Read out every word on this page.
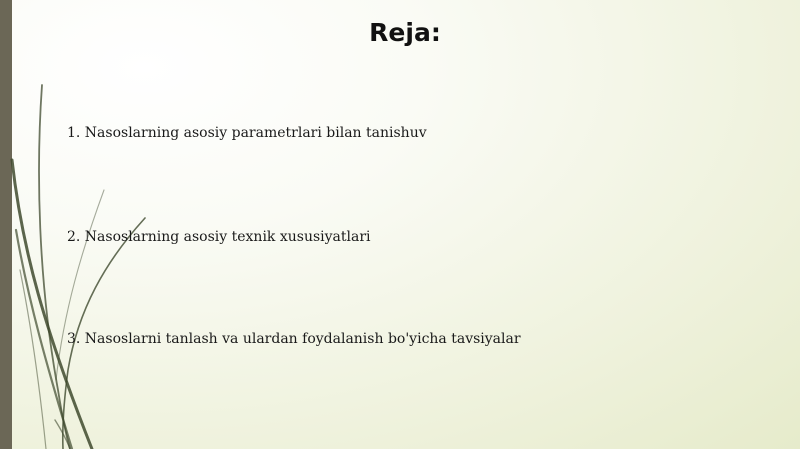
Reja:
1. Nasoslarning asosiy parametrlari bilan tanishuv
2. Nasoslarning asosiy texnik xususiyatlari
3. Nasoslarni tanlash va ulardan foydalanish bo'yicha tavsiyalar
